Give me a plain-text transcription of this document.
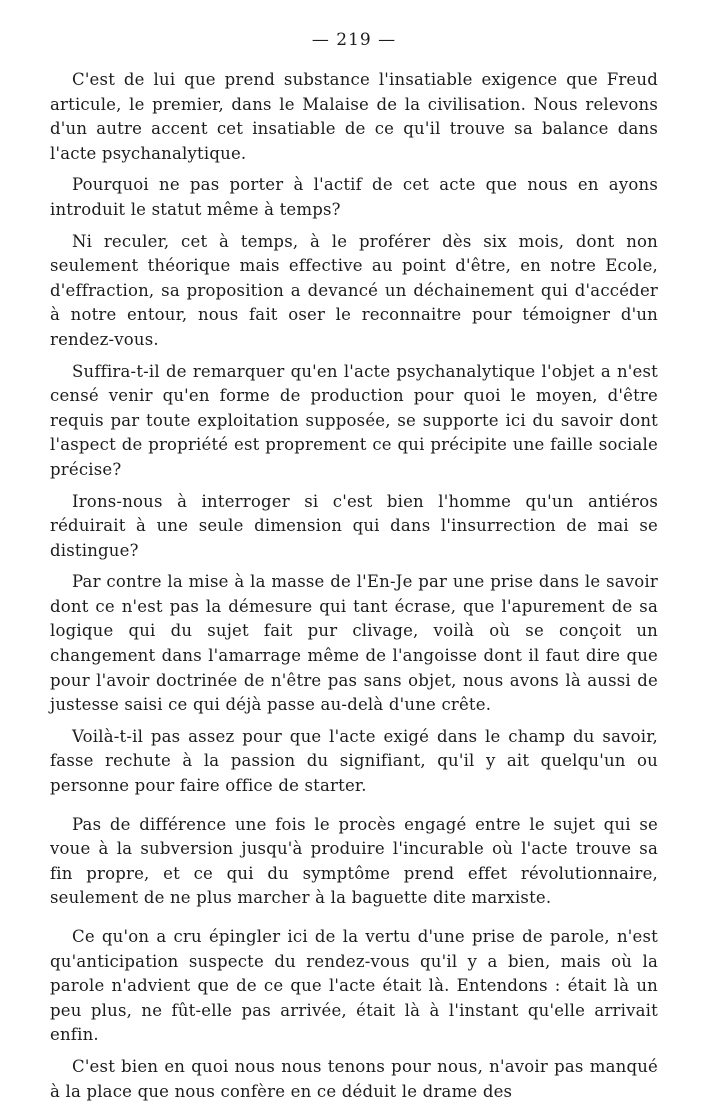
— 219 —

C'est de lui que prend substance l'insatiable exigence que Freud articule, le premier, dans le Malaise de la civilisation. Nous relevons d'un autre accent cet insatiable de ce qu'il trouve sa balance dans l'acte psychanalytique.

Pourquoi ne pas porter à l'actif de cet acte que nous en ayons introduit le statut même à temps?

Ni reculer, cet à temps, à le proférer dès six mois, dont non seulement théorique mais effective au point d'être, en notre Ecole, d'effraction, sa proposition a devancé un déchainement qui d'accéder à notre entour, nous fait oser le reconnaitre pour témoigner d'un rendez-vous.

Suffira-t-il de remarquer qu'en l'acte psychanalytique l'objet a n'est censé venir qu'en forme de production pour quoi le moyen, d'être requis par toute exploitation supposée, se supporte ici du savoir dont l'aspect de propriété est proprement ce qui précipite une faille sociale précise?

Irons-nous à interroger si c'est bien l'homme qu'un antiéros réduirait à une seule dimension qui dans l'insurrection de mai se distingue?

Par contre la mise à la masse de l'En-Je par une prise dans le savoir dont ce n'est pas la démesure qui tant écrase, que l'apurement de sa logique qui du sujet fait pur clivage, voilà où se conçoit un changement dans l'amarrage même de l'angoisse dont il faut dire que pour l'avoir doctrinée de n'être pas sans objet, nous avons là aussi de justesse saisi ce qui déjà passe au-delà d'une crête.

Voilà-t-il pas assez pour que l'acte exigé dans le champ du savoir, fasse rechute à la passion du signifiant, qu'il y ait quelqu'un ou personne pour faire office de starter.

Pas de différence une fois le procès engagé entre le sujet qui se voue à la subversion jusqu'à produire l'incurable où l'acte trouve sa fin propre, et ce qui du symptôme prend effet révolutionnaire, seulement de ne plus marcher à la baguette dite marxiste.

Ce qu'on a cru épingler ici de la vertu d'une prise de parole, n'est qu'anticipation suspecte du rendez-vous qu'il y a bien, mais où la parole n'advient que de ce que l'acte était là. Entendons : était là un peu plus, ne fût-elle pas arrivée, était là à l'instant qu'elle arrivait enfin.

C'est bien en quoi nous nous tenons pour nous, n'avoir pas manqué à la place que nous confère en ce déduit le drame des
